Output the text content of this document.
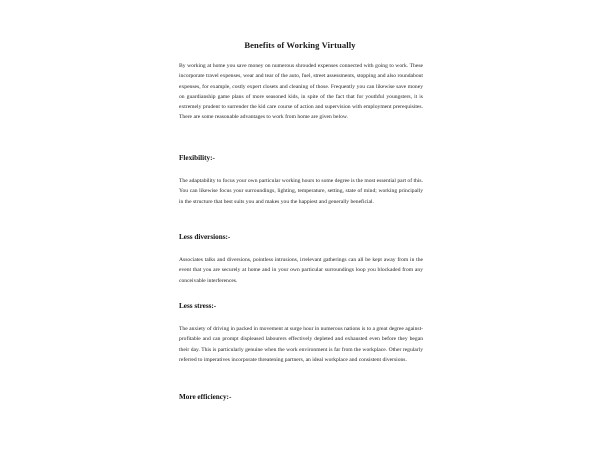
Benefits of Working Virtually

By working at home you save money on numerous shrouded expenses connected with going to work. These incorporate travel expenses, wear and tear of the auto, fuel, street assessments, stopping and also roundabout expenses, for example, costly expert closets and cleaning of those. Frequently you can likewise save money on guardianship game plans of more seasoned kids, in spite of the fact that for youthful youngsters, it is extremely prudent to surrender the kid care course of action and supervision with employment prerequisites. There are some reasonable advantages to work from home are given below.

Flexibility:-

The adaptability to focus your own particular working hours to some degree is the most essential part of this. You can likewise focus your surroundings, lighting, temperature, setting, state of mind; working principally in the structure that best suits you and makes you the happiest and generally beneficial.

Less diversions:-

Associates talks and diversions, pointless intrusions, irrelevant gatherings can all be kept away from in the event that you are securely at home and in your own particular surroundings loop you blockaded from any conceivable interferences.

Less stress:-

The anxiety of driving in packed in movement at surge hour in numerous nations is to a great degree against-profitable and can prompt displeased labourers effectively depleted and exhausted even before they began their day. This is particularly genuine when the work environment is far from the workplace. Other regularly referred to imperatives incorporate threatening partners, an ideal workplace and consistent diversions.

More efficiency:-
